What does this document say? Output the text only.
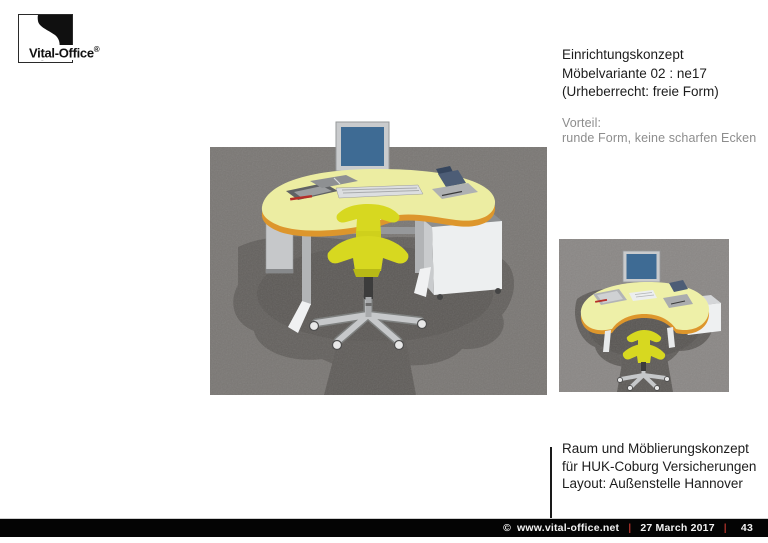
Vital-Office®	Einrichtungskonzept
Möbelvariante 02 : ne17
(Urheberrecht: freie Form)
Vorteil:
runde Form, keine scharfen Ecken
Raum und Möblierungskonzept
für HUK-Coburg Versicherungen
Layout: Außenstelle Hannover
© www.vital-office.net | 27 March 2017 | 43
